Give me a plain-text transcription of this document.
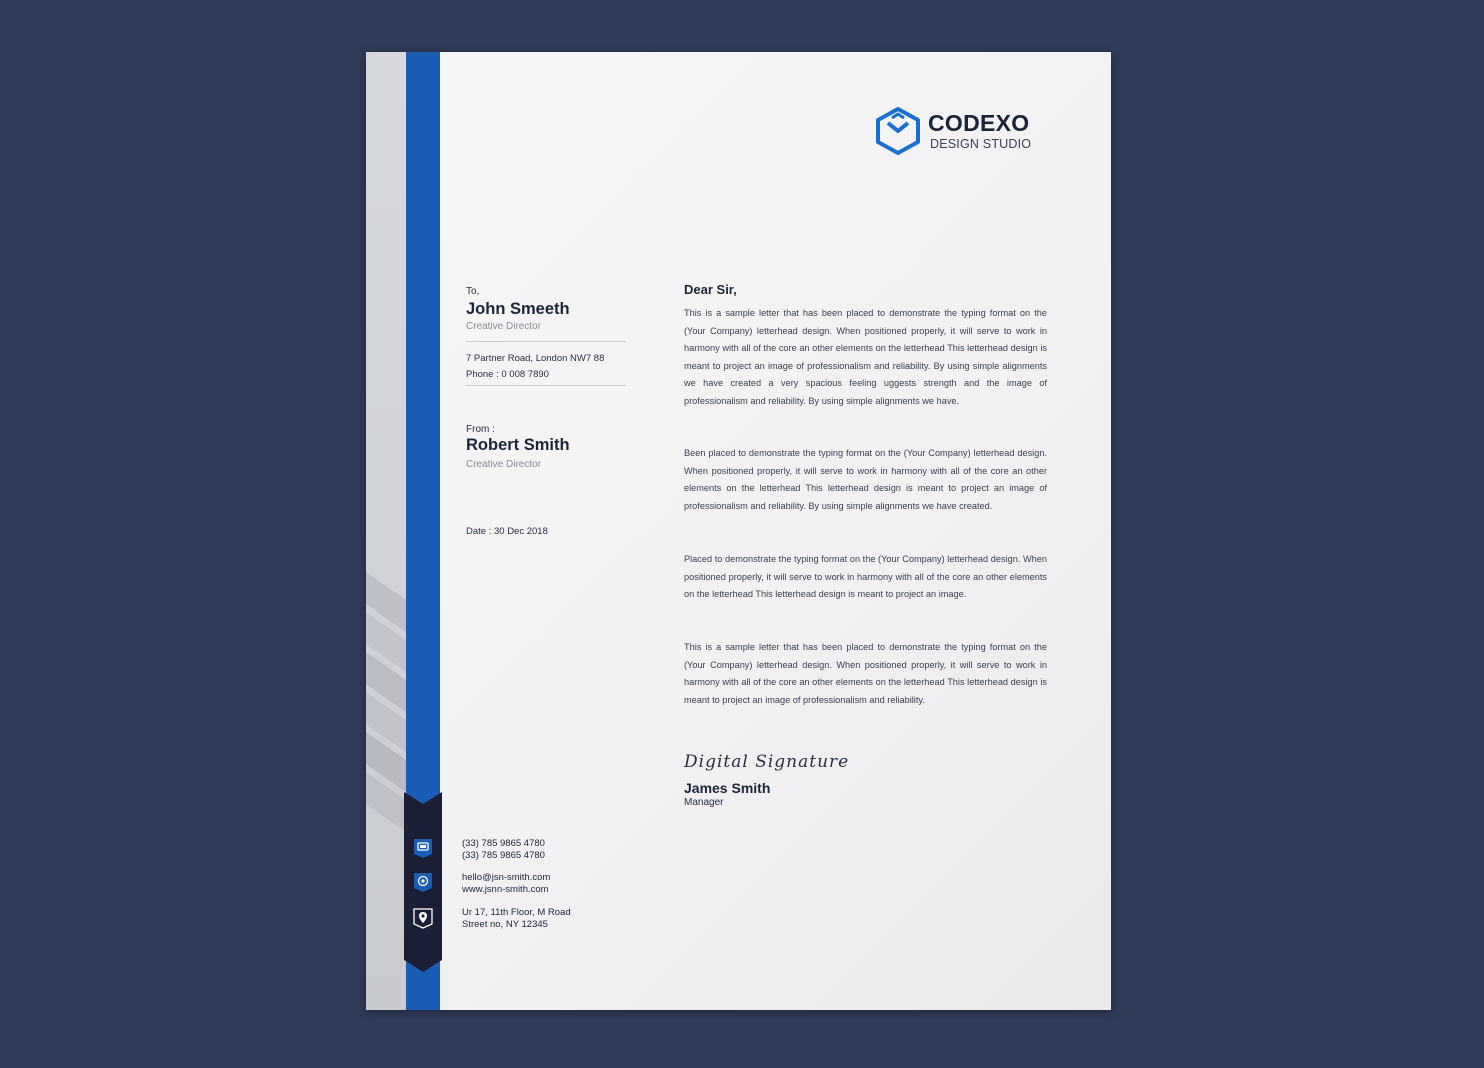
CODEXO
DESIGN STUDIO
To,
John Smeeth
Creative Director
7 Partner Road, London NW7 88
Phone : 0 008 7890
From :
Robert Smith
Creative Director
Date : 30 Dec 2018
Dear Sir,
This is a sample letter that has been placed to demonstrate the typing format on the (Your Company) letterhead design. When positioned properly, it will serve to work in harmony with all of the core an other elements on the letterhead This letterhead design is meant to project an image of professionalism and reliability. By using simple alignments we have created a very spacious feeling uggests strength and the image of professionalism and reliability. By using simple alignments we have.
Been placed to demonstrate the typing format on the (Your Company) letterhead design. When positioned properly, it will serve to work in harmony with all of the core an other elements on the letterhead This letterhead design is meant to project an image of professionalism and reliability. By using simple alignments we have created.
Placed to demonstrate the typing format on the (Your Company) letterhead design. When positioned properly, it will serve to work in harmony with all of the core an other elements on the letterhead This letterhead design is meant to project an image.
This is a sample letter that has been placed to demonstrate the typing format on the (Your Company) letterhead design. When positioned properly, it will serve to work in harmony with all of the core an other elements on the letterhead This letterhead design is meant to project an image of professionalism and reliability.
Digital Signature
James Smith
Manager
(33) 785 9865 4780
(33) 785 9865 4780
hello@jsn-smith.com
www.jsnn-smith.com
Ur 17, 11th Floor, M Road
Street no, NY 12345
